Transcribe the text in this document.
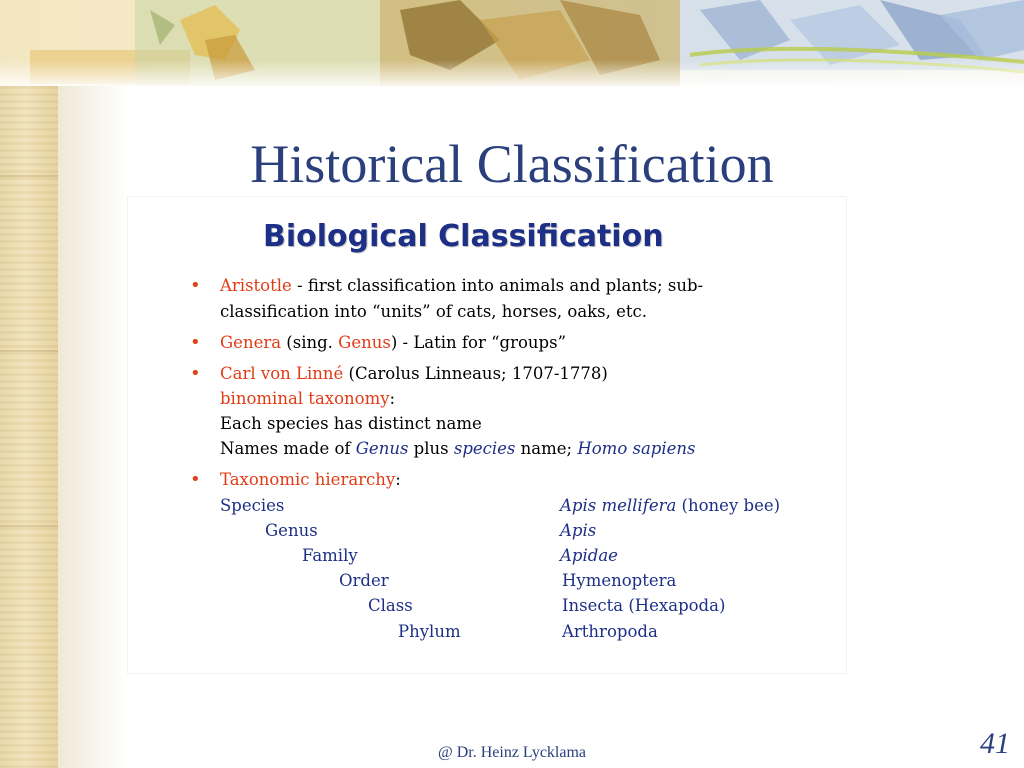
Historical Classification
Biological Classification
• Aristotle - first classification into animals and plants; sub-
classification into “units” of cats, horses, oaks, etc.
• Genera (sing. Genus) - Latin for “groups”
• Carl von Linné (Carolus Linneaus; 1707-1778)
binominal taxonomy:
Each species has distinct name
Names made of Genus plus species name; Homo sapiens
• Taxonomic hierarchy:
Species	Apis mellifera (honey bee)
Genus	Apis
Family	Apidae
Order	Hymenoptera
Class	Insecta (Hexapoda)
Phylum	Arthropoda
@ Dr. Heinz Lycklama	41
